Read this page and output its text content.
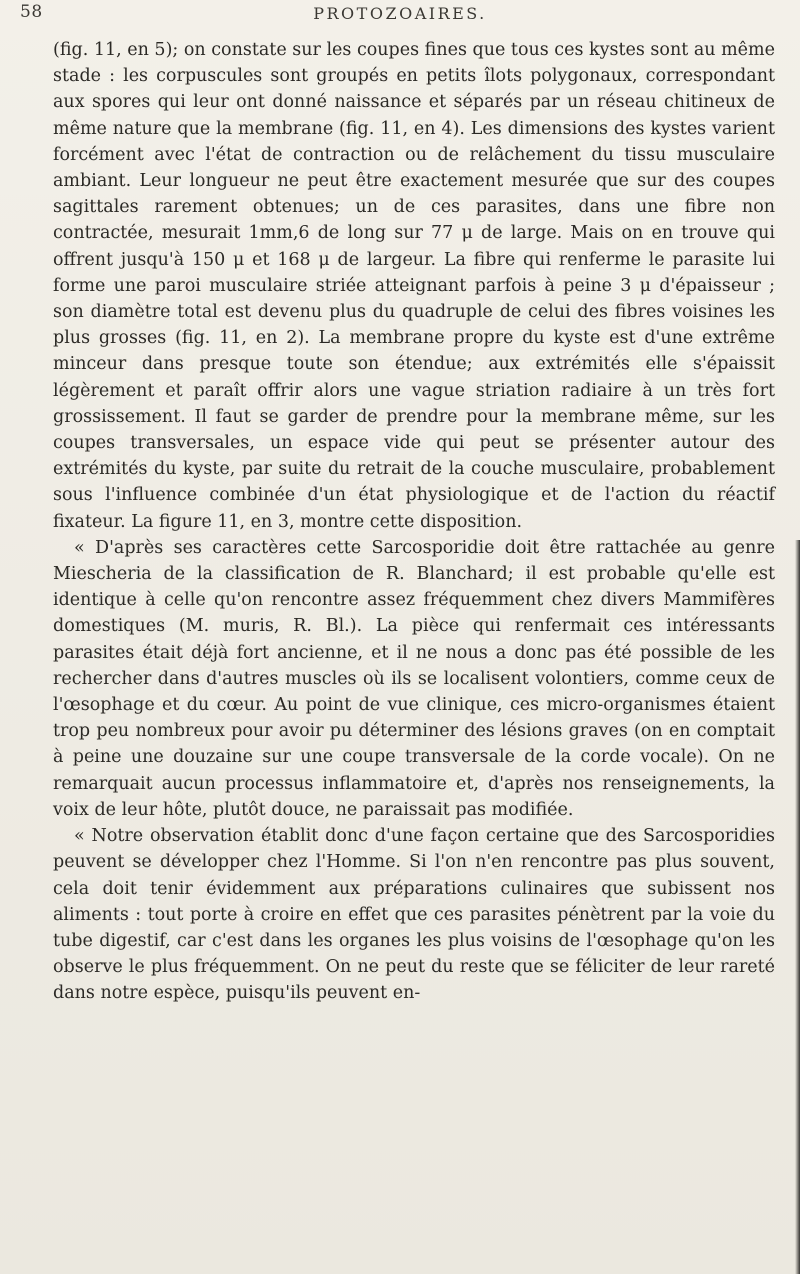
58	PROTOZOAIRES.

(fig. 11, en 5); on constate sur les coupes fines que tous ces kystes sont au même stade : les corpuscules sont groupés en petits îlots polygonaux, correspondant aux spores qui leur ont donné naissance et séparés par un réseau chitineux de même nature que la membrane (fig. 11, en 4). Les dimensions des kystes varient forcément avec l'état de contraction ou de relâchement du tissu musculaire ambiant. Leur longueur ne peut être exactement mesurée que sur des coupes sagittales rarement obtenues; un de ces parasites, dans une fibre non contractée, mesurait 1mm,6 de long sur 77 μ de large. Mais on en trouve qui offrent jusqu'à 150 μ et 168 μ de largeur. La fibre qui renferme le parasite lui forme une paroi musculaire striée atteignant parfois à peine 3 μ d'épaisseur ; son diamètre total est devenu plus du quadruple de celui des fibres voisines les plus grosses (fig. 11, en 2). La membrane propre du kyste est d'une extrême minceur dans presque toute son étendue; aux extrémités elle s'épaissit légèrement et paraît offrir alors une vague striation radiaire à un très fort grossissement. Il faut se garder de prendre pour la membrane même, sur les coupes transversales, un espace vide qui peut se présenter autour des extrémités du kyste, par suite du retrait de la couche musculaire, probablement sous l'influence combinée d'un état physiologique et de l'action du réactif fixateur. La figure 11, en 3, montre cette disposition.

« D'après ses caractères cette Sarcosporidie doit être rattachée au genre Miescheria de la classification de R. Blanchard; il est probable qu'elle est identique à celle qu'on rencontre assez fréquemment chez divers Mammifères domestiques (M. muris, R. Bl.). La pièce qui renfermait ces intéressants parasites était déjà fort ancienne, et il ne nous a donc pas été possible de les rechercher dans d'autres muscles où ils se localisent volontiers, comme ceux de l'œsophage et du cœur. Au point de vue clinique, ces micro-organismes étaient trop peu nombreux pour avoir pu déterminer des lésions graves (on en comptait à peine une douzaine sur une coupe transversale de la corde vocale). On ne remarquait aucun processus inflammatoire et, d'après nos renseignements, la voix de leur hôte, plutôt douce, ne paraissait pas modifiée.

« Notre observation établit donc d'une façon certaine que des Sarcosporidies peuvent se développer chez l'Homme. Si l'on n'en rencontre pas plus souvent, cela doit tenir évidemment aux préparations culinaires que subissent nos aliments : tout porte à croire en effet que ces parasites pénètrent par la voie du tube digestif, car c'est dans les organes les plus voisins de l'œsophage qu'on les observe le plus fréquemment. On ne peut du reste que se féliciter de leur rareté dans notre espèce, puisqu'ils peuvent en-
